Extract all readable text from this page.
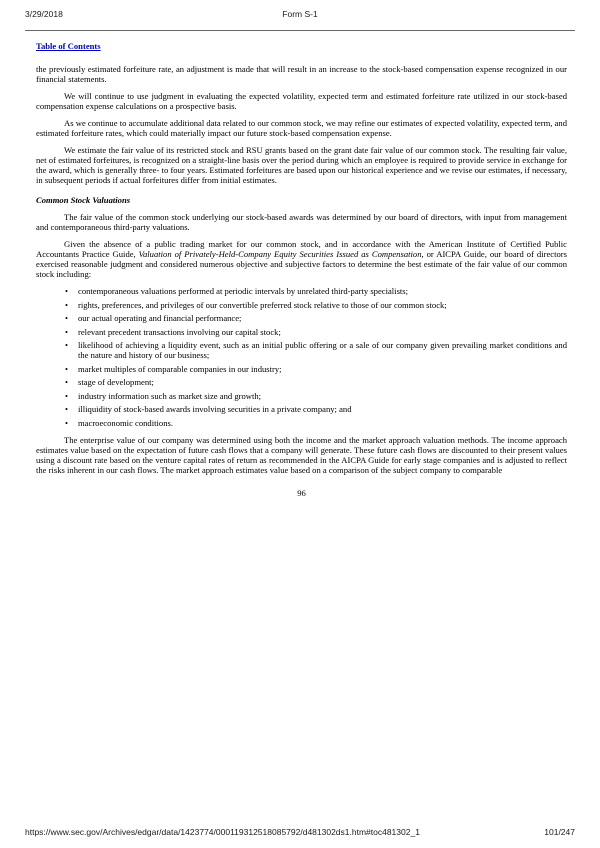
3/29/2018	Form S-1
Table of Contents

the previously estimated forfeiture rate, an adjustment is made that will result in an increase to the stock-based compensation expense recognized in our financial statements.

We will continue to use judgment in evaluating the expected volatility, expected term and estimated forfeiture rate utilized in our stock-based compensation expense calculations on a prospective basis.

As we continue to accumulate additional data related to our common stock, we may refine our estimates of expected volatility, expected term, and estimated forfeiture rates, which could materially impact our future stock-based compensation expense.

We estimate the fair value of its restricted stock and RSU grants based on the grant date fair value of our common stock. The resulting fair value, net of estimated forfeitures, is recognized on a straight-line basis over the period during which an employee is required to provide service in exchange for the award, which is generally three- to four years. Estimated forfeitures are based upon our historical experience and we revise our estimates, if necessary, in subsequent periods if actual forfeitures differ from initial estimates.

Common Stock Valuations

The fair value of the common stock underlying our stock-based awards was determined by our board of directors, with input from management and contemporaneous third-party valuations.

Given the absence of a public trading market for our common stock, and in accordance with the American Institute of Certified Public Accountants Practice Guide, Valuation of Privately-Held-Company Equity Securities Issued as Compensation, or AICPA Guide, our board of directors exercised reasonable judgment and considered numerous objective and subjective factors to determine the best estimate of the fair value of our common stock including:

•	contemporaneous valuations performed at periodic intervals by unrelated third-party specialists;
•	rights, preferences, and privileges of our convertible preferred stock relative to those of our common stock;
•	our actual operating and financial performance;
•	relevant precedent transactions involving our capital stock;
•	likelihood of achieving a liquidity event, such as an initial public offering or a sale of our company given prevailing market conditions and the nature and history of our business;
•	market multiples of comparable companies in our industry;
•	stage of development;
•	industry information such as market size and growth;
•	illiquidity of stock-based awards involving securities in a private company; and
•	macroeconomic conditions.

The enterprise value of our company was determined using both the income and the market approach valuation methods. The income approach estimates value based on the expectation of future cash flows that a company will generate. These future cash flows are discounted to their present values using a discount rate based on the venture capital rates of return as recommended in the AICPA Guide for early stage companies and is adjusted to reflect the risks inherent in our cash flows. The market approach estimates value based on a comparison of the subject company to comparable

96
https://www.sec.gov/Archives/edgar/data/1423774/000119312518085792/d481302ds1.htm#toc481302_1	101/247
